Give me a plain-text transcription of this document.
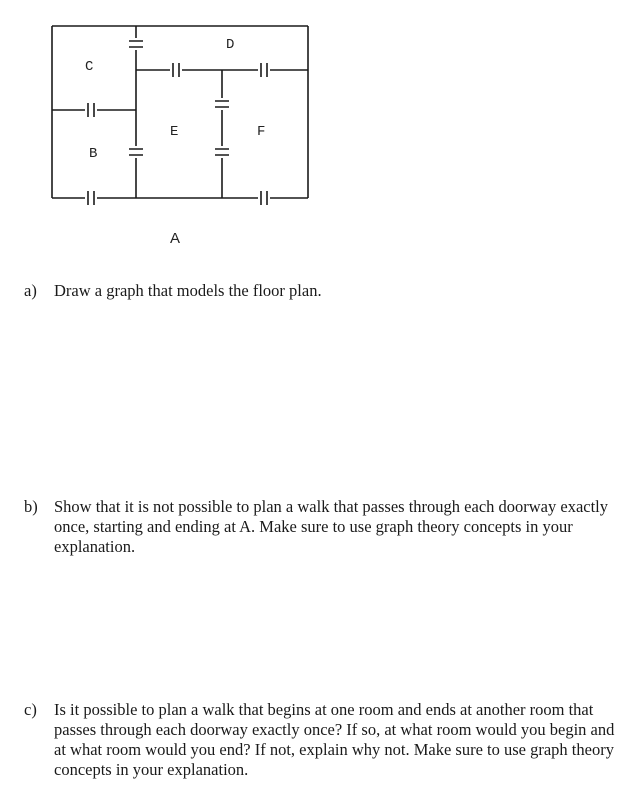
C
D
E	F
B
A
a) Draw a graph that models the floor plan.
b) Show that it is not possible to plan a walk that passes through each doorway exactly once, starting and ending at A. Make sure to use graph theory concepts in your explanation.
c) Is it possible to plan a walk that begins at one room and ends at another room that passes through each doorway exactly once? If so, at what room would you begin and at what room would you end? If not, explain why not. Make sure to use graph theory concepts in your explanation.
